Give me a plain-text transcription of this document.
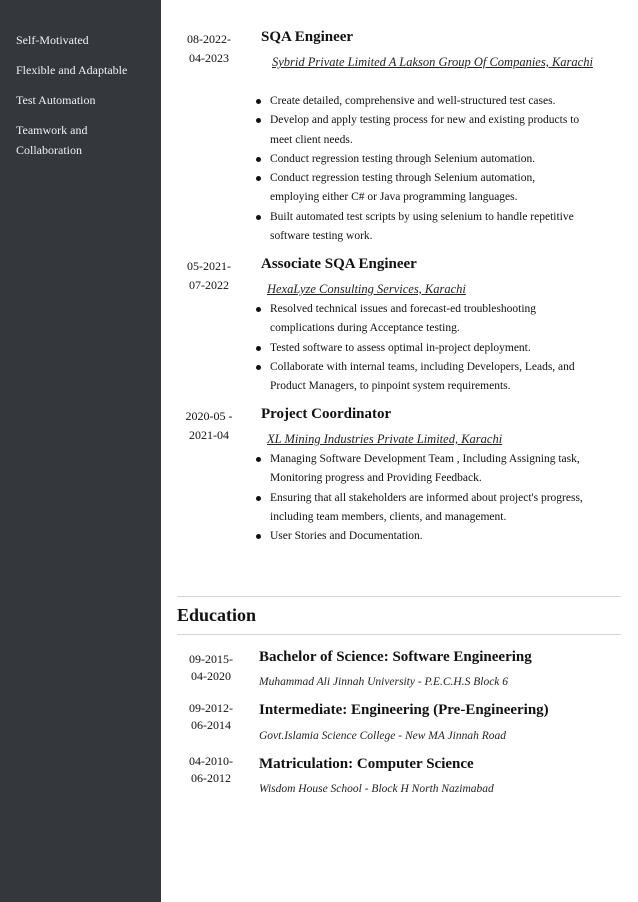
Self-Motivated
Flexible and Adaptable
Test Automation
Teamwork and Collaboration
08-2022-
04-2023
SQA Engineer
Sybrid Private Limited A Lakson Group Of Companies, Karachi
Create detailed, comprehensive and well-structured test cases.
Develop and apply testing process for new and existing products to meet client needs.
Conduct regression testing through Selenium automation.
Conduct regression testing through Selenium automation, employing either C# or Java programming languages.
Built automated test scripts by using selenium to handle repetitive software testing work.
05-2021-
07-2022
Associate SQA Engineer
HexaLyze Consulting Services, Karachi
Resolved technical issues and forecast-ed troubleshooting complications during Acceptance testing.
Tested software to assess optimal in-project deployment.
Collaborate with internal teams, including Developers, Leads, and Product Managers, to pinpoint system requirements.
2020-05 -
2021-04
Project Coordinator
XL Mining Industries Private Limited, Karachi
Managing Software Development Team , Including Assigning task, Monitoring progress and Providing Feedback.
Ensuring that all stakeholders are informed about project's progress, including team members, clients, and management.
User Stories and Documentation.
Education
09-2015-
04-2020
Bachelor of Science: Software Engineering
Muhammad Ali Jinnah University - P.E.C.H.S Block 6
09-2012-
06-2014
Intermediate: Engineering (Pre-Engineering)
Govt.Islamia Science College - New MA Jinnah Road
04-2010-
06-2012
Matriculation: Computer Science
Wisdom House School - Block H North Nazimabad
